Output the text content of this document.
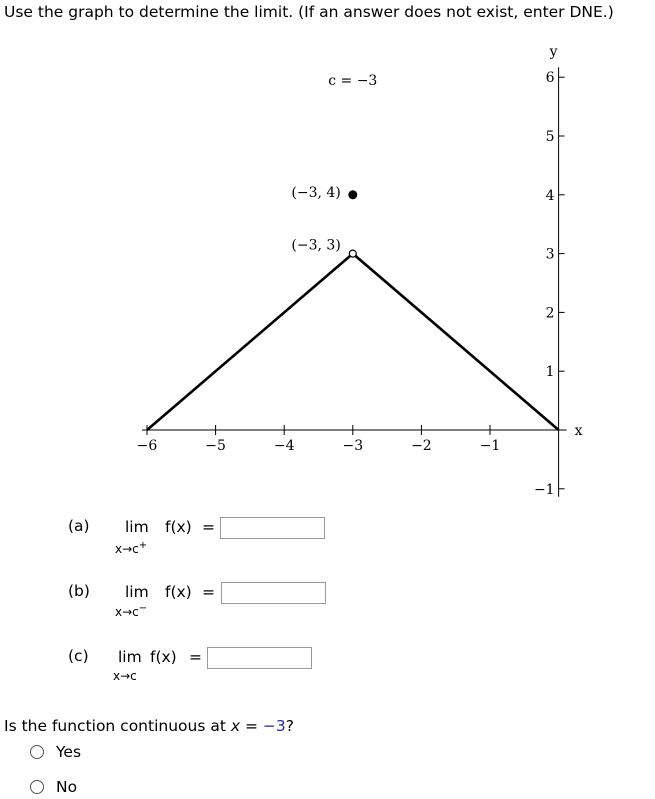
Use the graph to determine the limit. (If an answer does not exist, enter DNE.)
−6	−5	−4	−3	−2	−1
6
5
4
3
2
1
−1
x
y
c = −3
(−3, 4)
(−3, 3)
(a) lim f(x) =
x→c+
(b) lim f(x) =
x→c−
(c) lim f(x) =
x→c
Is the function continuous at x = −3?
Yes
No
